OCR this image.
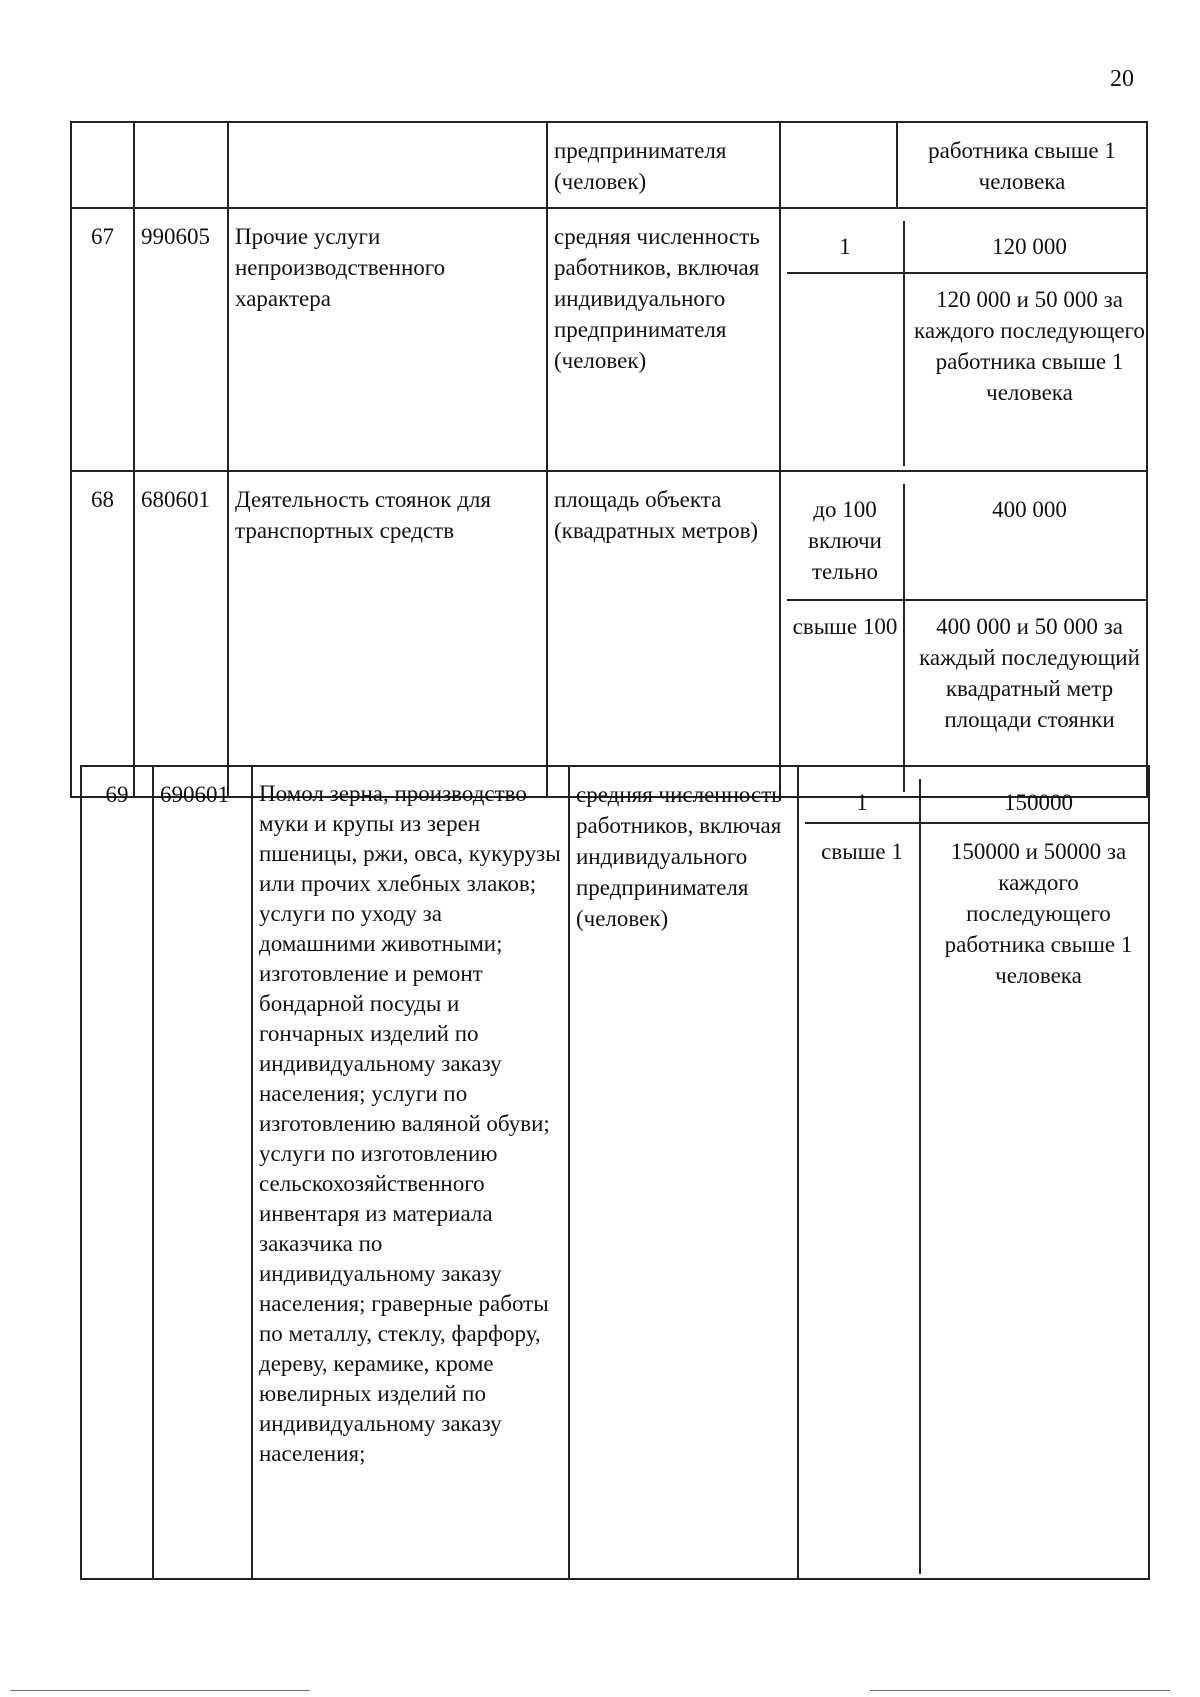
20
			предпринимателя (человек)		работника свыше 1 человека
67	990605	Прочие услуги непроизводственного характера	средняя численность работников, включая индивидуального предпринимателя (человек)	
1	120 000
	120 000 и 50 000 за каждого последующего работника свыше 1 человека

68	680601	Деятельность стоянок для транспортных средств	площадь объекта (квадратных метров)	
до 100 включи тельно	400 000
свыше 100	400 000 и 50 000 за каждый последующий квадратный метр площади стоянки
69	690601	Помол зерна, производство муки и крупы из зерен пшеницы, ржи, овса, кукурузы или прочих хлебных злаков; услуги по уходу за домашними животными; изготовление и ремонт бондарной посуды и гончарных изделий по индивидуальному заказу населения; услуги по изготовлению валяной обуви; услуги по изготовлению сельскохозяйственного инвентаря из материала заказчика по индивидуальному заказу населения; граверные работы по металлу, стеклу, фарфору, дереву, керамике, кроме ювелирных изделий по индивидуальному заказу населения;	средняя численность работников, включая индивидуального предпринимателя (человек)	
1	150000
свыше 1	150000 и 50000 за каждого последующего работника свыше 1 человека
